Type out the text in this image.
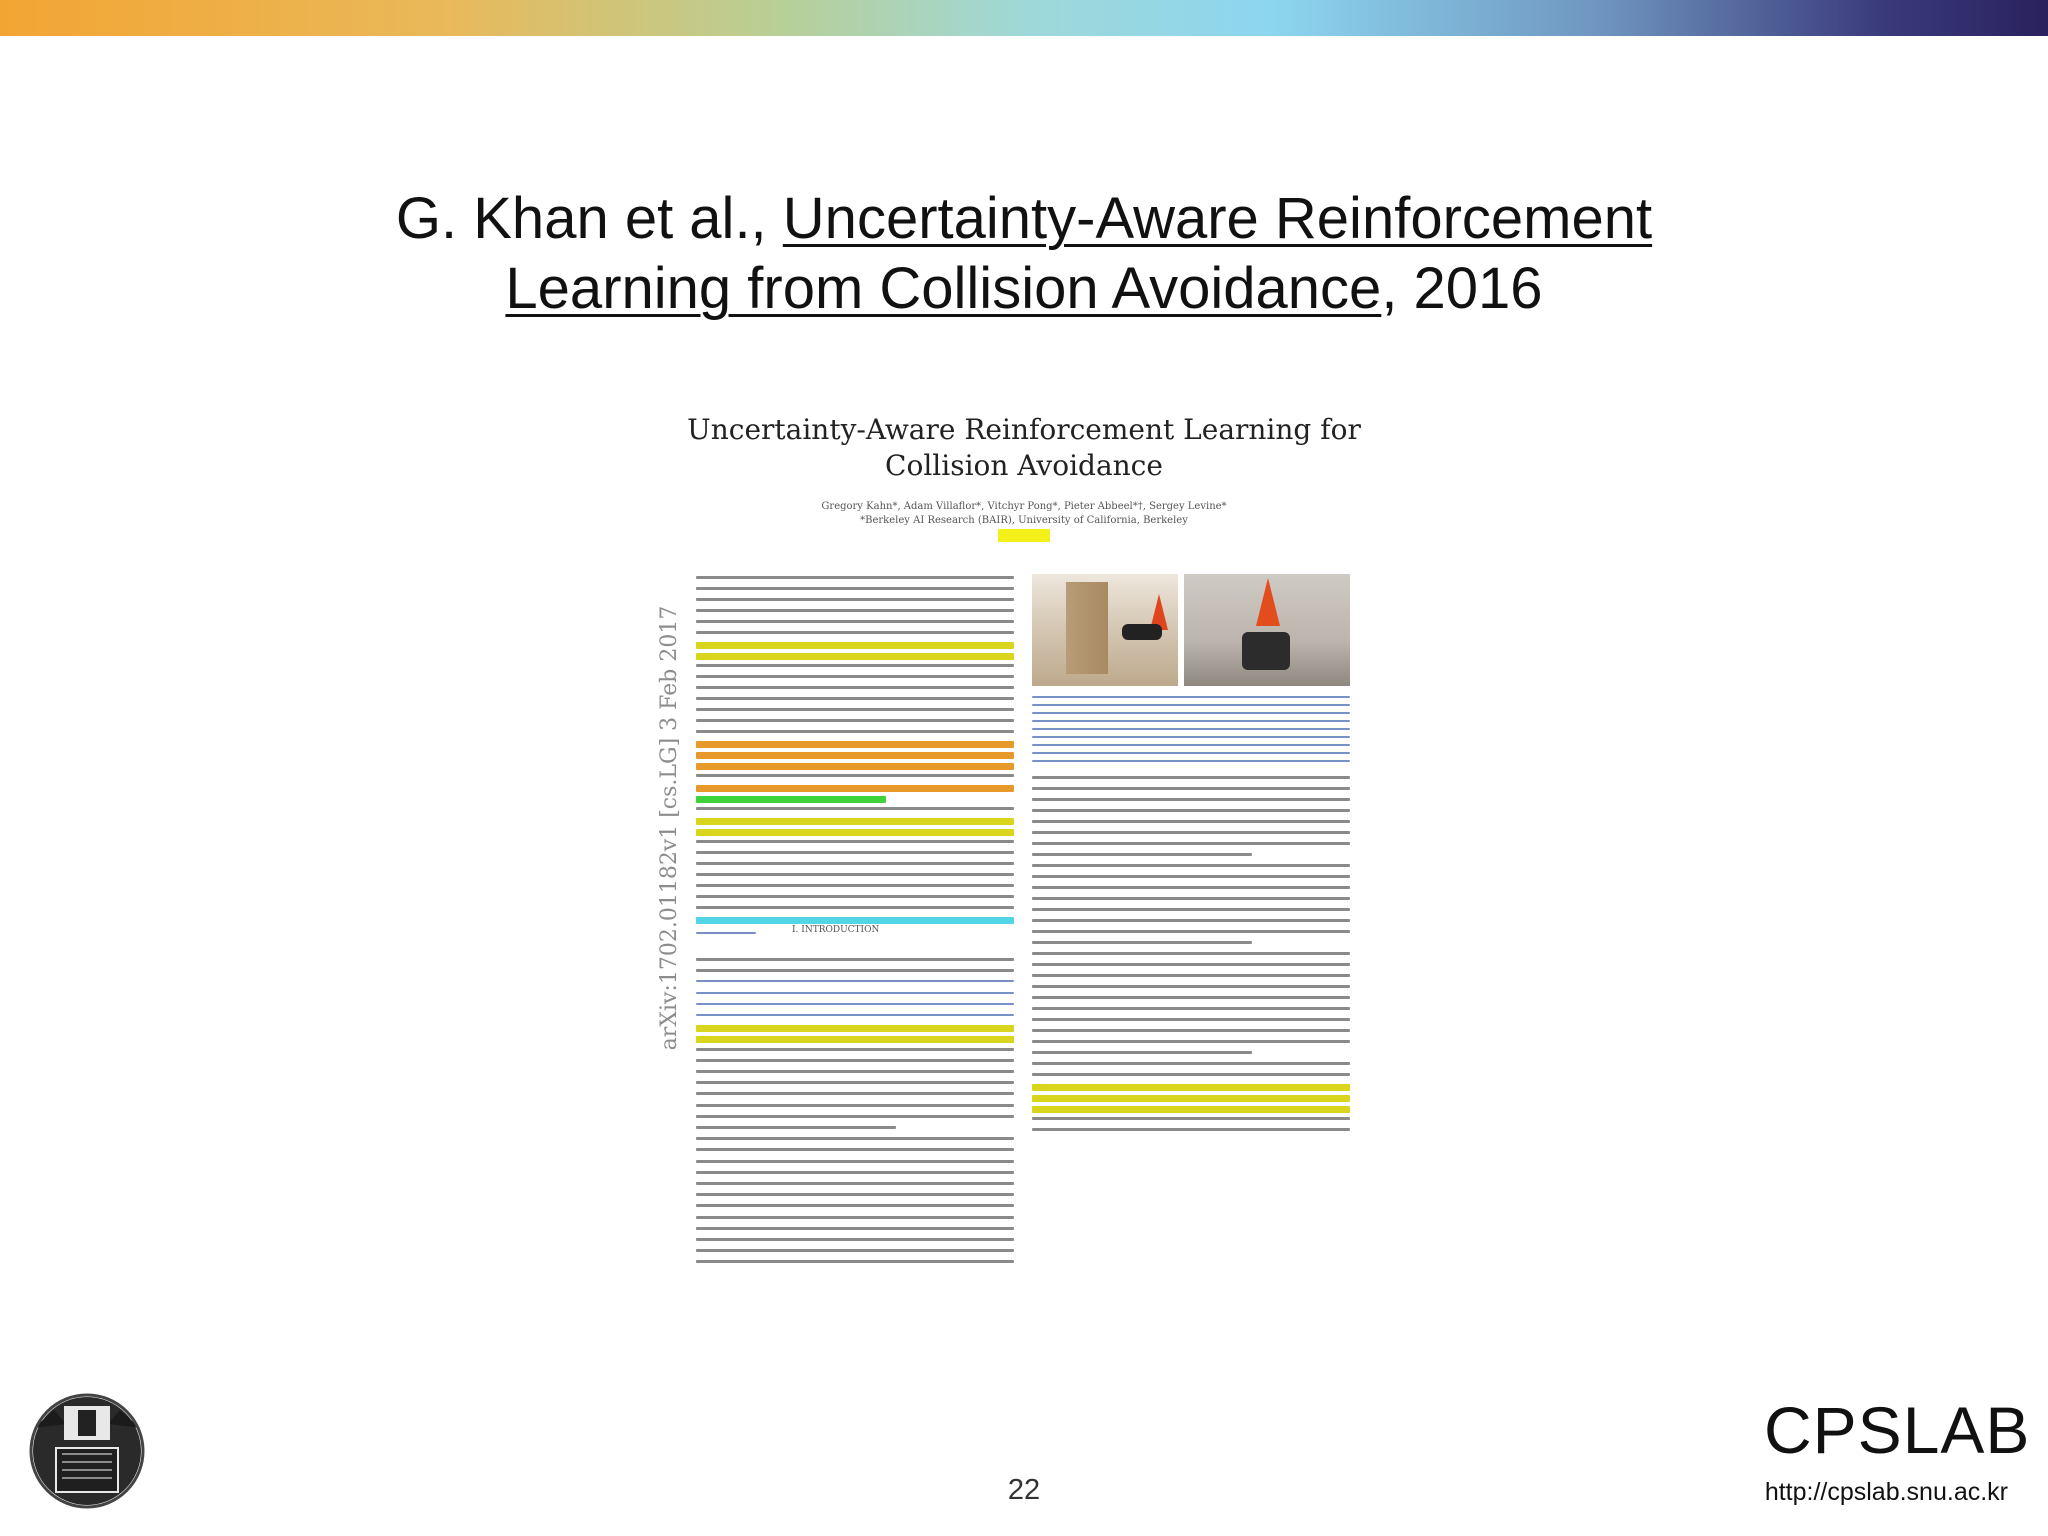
G. Khan et al., Uncertainty-Aware Reinforcement
Learning from Collision Avoidance, 2016
Uncertainty-Aware Reinforcement Learning for
Collision Avoidance
Gregory Kahn*, Adam Villaflor*, Vitchyr Pong*, Pieter Abbeel*†, Sergey Levine*
*Berkeley AI Research (BAIR), University of California, Berkeley
arXiv:1702.01182v1 [cs.LG] 3 Feb 2017	I. INTRODUCTION
22
CPSLAB
http://cpslab.snu.ac.kr
